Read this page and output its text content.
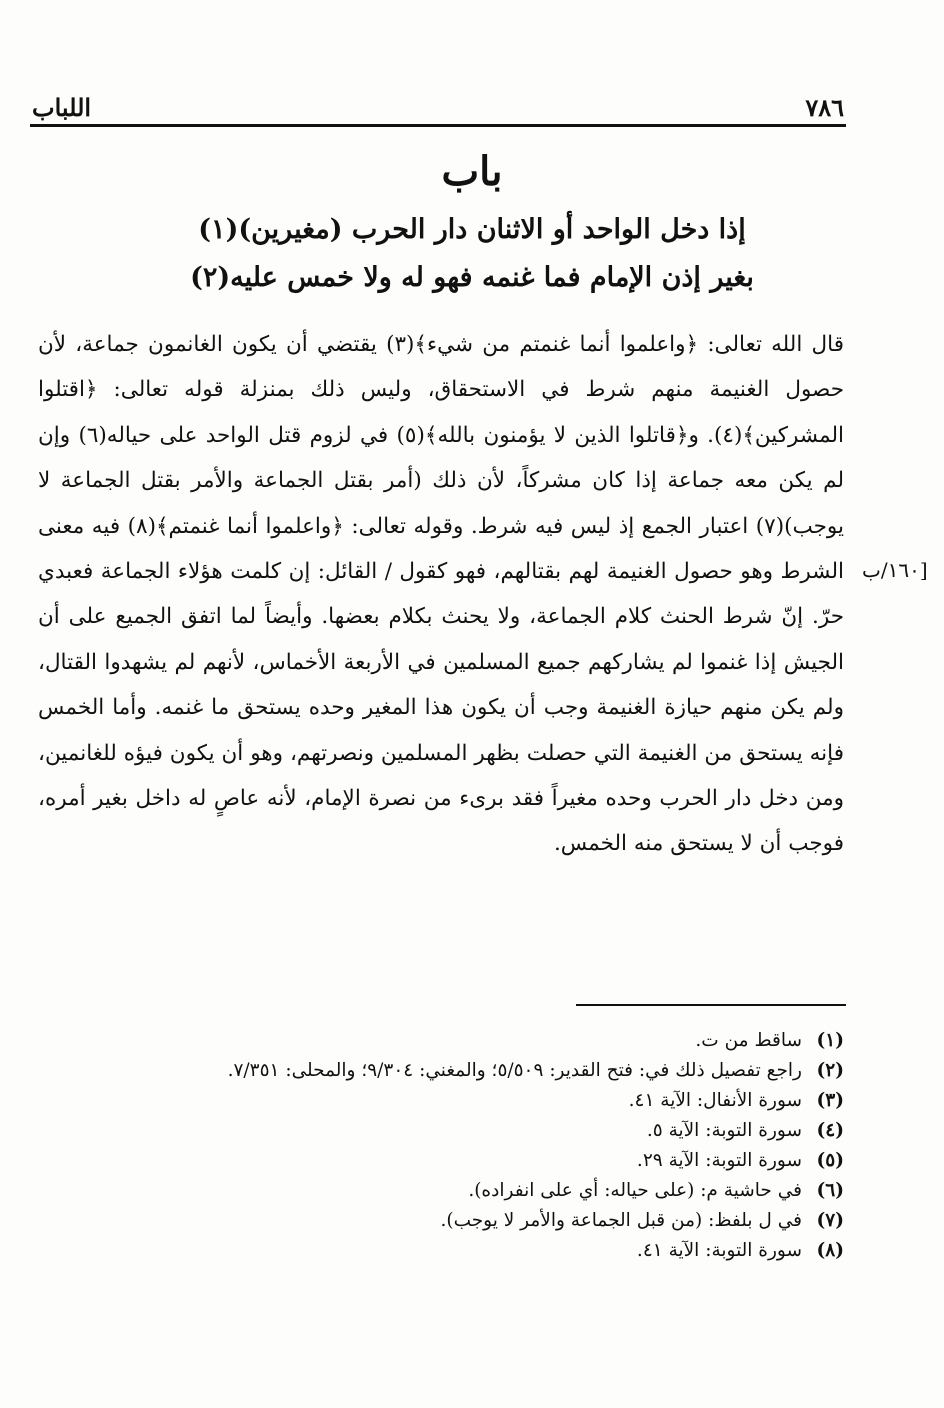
٧٨٦
اللباب
باب
إذا دخل الواحد أو الاثنان دار الحرب (مغيرين)(١)
بغير إذن الإمام فما غنمه فهو له ولا خمس عليه(٢)
قال الله تعالى: ﴿واعلموا أنما غنمتم من شيء﴾(٣) يقتضي أن يكون الغانمون جماعة، لأن حصول الغنيمة منهم شرط في الاستحقاق، وليس ذلك بمنزلة قوله تعالى: ﴿اقتلوا المشركين﴾(٤). و﴿قاتلوا الذين لا يؤمنون بالله﴾(٥) في لزوم قتل الواحد على حياله(٦) وإن لم يكن معه جماعة إذا كان مشركاً، لأن ذلك (أمر بقتل الجماعة والأمر بقتل الجماعة لا يوجب)(٧) اعتبار الجمع إذ ليس فيه شرط. وقوله تعالى: ﴿واعلموا أنما غنمتم﴾(٨) فيه معنى الشرط وهو حصول الغنيمة لهم بقتالهم، فهو كقول / القائل: إن كلمت هؤلاء الجماعة فعبدي حرّ. إنّ شرط الحنث كلام الجماعة، ولا يحنث بكلام بعضها. وأيضاً لما اتفق الجميع على أن الجيش إذا غنموا لم يشاركهم جميع المسلمين في الأربعة الأخماس، لأنهم لم يشهدوا القتال، ولم يكن منهم حيازة الغنيمة وجب أن يكون هذا المغير وحده يستحق ما غنمه. وأما الخمس فإنه يستحق من الغنيمة التي حصلت بظهر المسلمين ونصرتهم، وهو أن يكون فيؤه للغانمين، ومن دخل دار الحرب وحده مغيراً فقد برىء من نصرة الإمام، لأنه عاصٍ له داخل بغير أمره، فوجب أن لا يستحق منه الخمس.
١٦٠/ب]
(١)
ساقط من ت.
(٢)
راجع تفصيل ذلك في: فتح القدير: ٥/٥٠٩؛ والمغني: ٩/٣٠٤؛ والمحلى: ٧/٣٥١.
(٣)
سورة الأنفال: الآية ٤١.
(٤)
سورة التوبة: الآية ٥.
(٥)
سورة التوبة: الآية ٢٩.
(٦)
في حاشية م: (على حياله: أي على انفراده).
(٧)
في ل بلفظ: (من قبل الجماعة والأمر لا يوجب).
(٨)
سورة التوبة: الآية ٤١.
